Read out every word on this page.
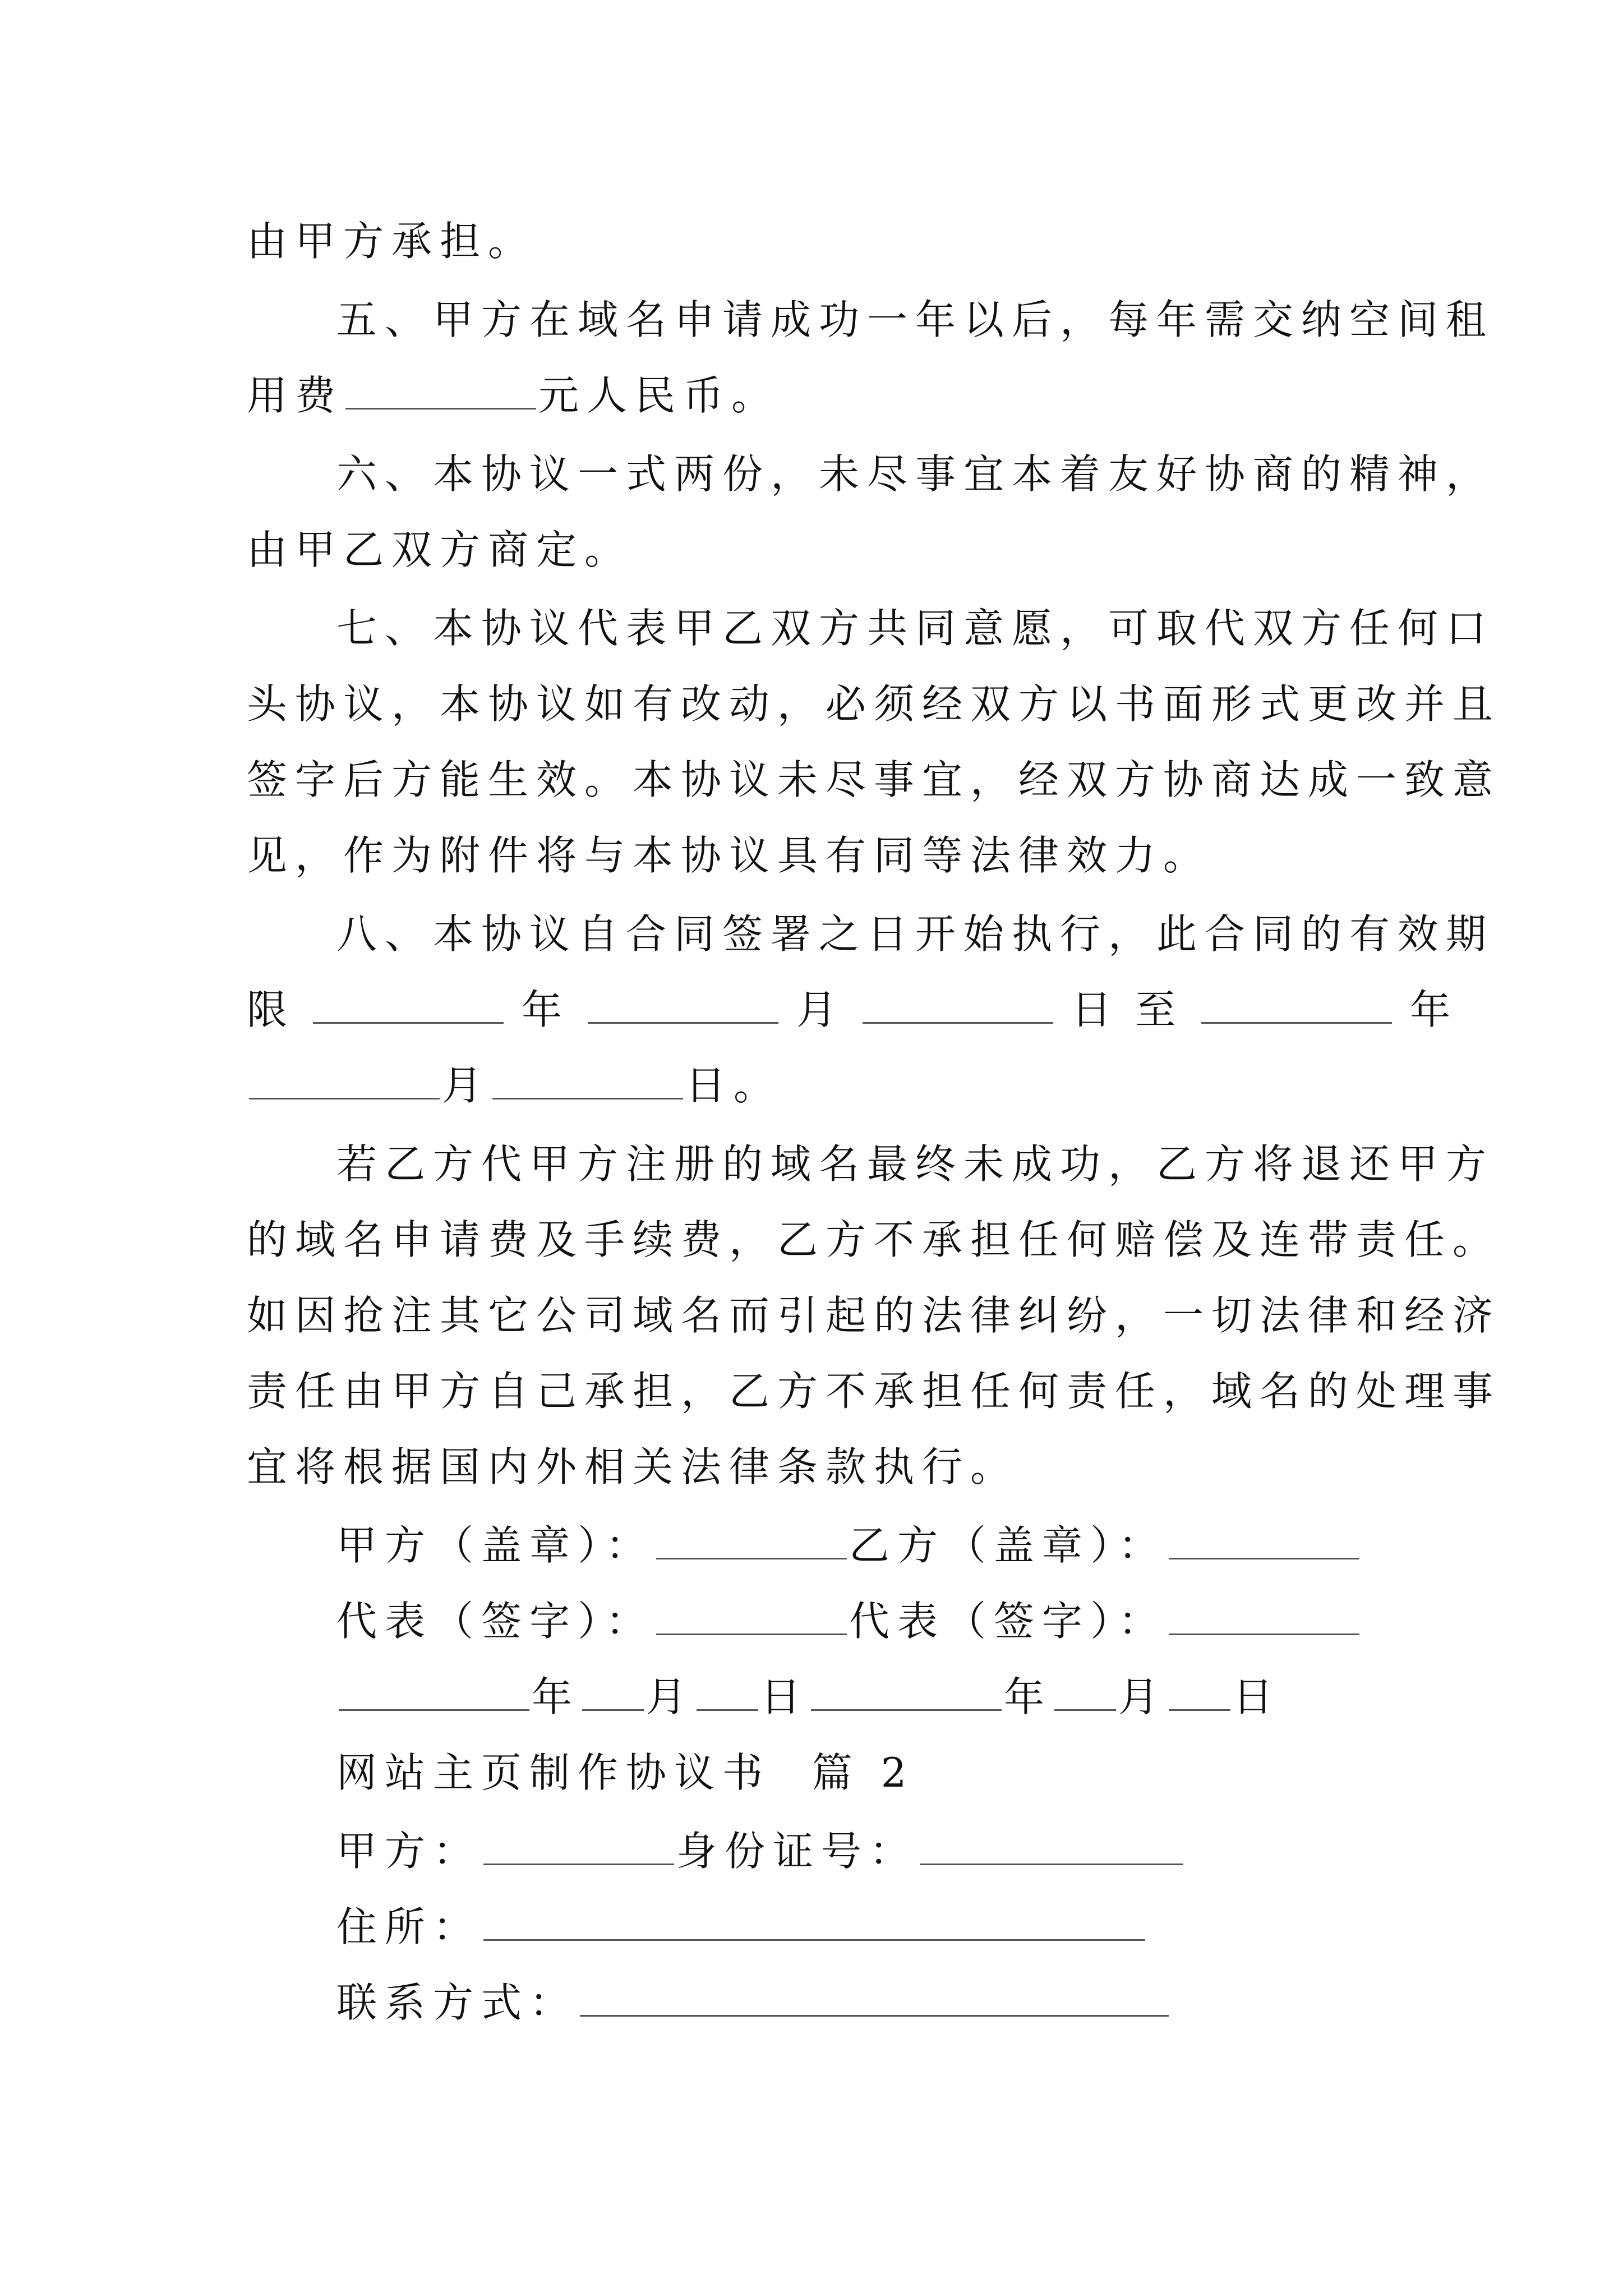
由甲方承担。
五、甲方在域名申请成功一年以后，每年需交纳空间租
用费	元人民币。
六、本协议一式两份，未尽事宜本着友好协商的精神，
由甲乙双方商定。
七、本协议代表甲乙双方共同意愿，可取代双方任何口
头协议，本协议如有改动，必须经双方以书面形式更改并且
签字后方能生效。本协议未尽事宜，经双方协商达成一致意
见，作为附件将与本协议具有同等法律效力。
八、本协议自合同签署之日开始执行，此合同的有效期
限	年	月	日 至	年
月	日。
若乙方代甲方注册的域名最终未成功，乙方将退还甲方
的域名申请费及手续费，乙方不承担任何赔偿及连带责任。
如因抢注其它公司域名而引起的法律纠纷，一切法律和经济
责任由甲方自己承担，乙方不承担任何责任，域名的处理事
宜将根据国内外相关法律条款执行。
甲方（盖章）：	乙方（盖章）：
代表（签字）：	代表（签字）：
年 月 日	年 月 日
网站主页制作协议书  篇 2
甲方：	身份证号：
住所：
联系方式：
